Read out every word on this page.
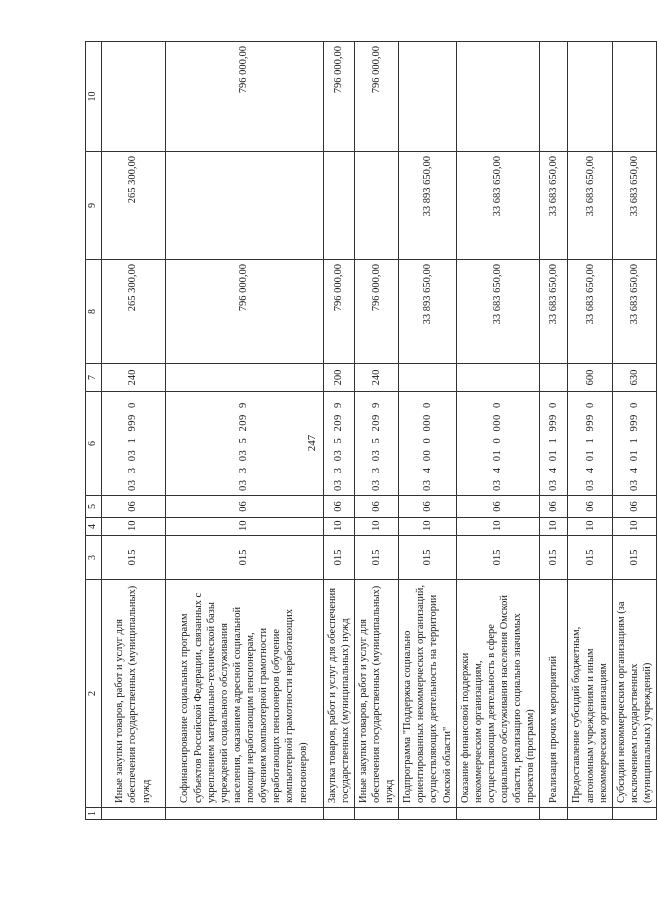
247
1	2	3	4	5	6	7	8	9	10
	Иные закупки товаров, работ и услуг для обеспечения государственных (муниципальных) нужд	015	10	06	03  3  03  1  999  0	240	265 300,00	265 300,00	
	Софинансирование социальных программ субъектов Российской Федерации, связанных с укреплением материально-технической базы учреждений социального обслуживания населения, оказанием адресной социальной помощи неработающим пенсионерам, обучением компьютерной грамотности неработающих пенсионеров (обучение компьютерной грамотности неработающих пенсионеров)	015	10	06	03  3  03  5  209  9		796 000,00		796 000,00
	Закупка товаров, работ и услуг для обеспечения государственных (муниципальных) нужд	015	10	06	03  3  03  5  209  9	200	796 000,00		796 000,00
	Иные закупки товаров, работ и услуг для обеспечения государственных (муниципальных) нужд	015	10	06	03  3  03  5  209  9	240	796 000,00		796 000,00
	Подпрограмма "Поддержка социально ориентированных некоммерческих организаций, осуществляющих деятельность на территории Омской области"	015	10	06	03  4  00  0  000  0		33 893 650,00	33 893 650,00	
	Оказание финансовой поддержки некоммерческим организациям, осуществляющим деятельность в сфере социального обслуживания населения Омской области, реализацию социально значимых проектов (программ)	015	10	06	03  4  01  0  000  0		33 683 650,00	33 683 650,00	
	Реализация прочих мероприятий	015	10	06	03  4  01  1  999  0		33 683 650,00	33 683 650,00	
	Предоставление субсидий бюджетным, автономным учреждениям и иным некоммерческим организациям	015	10	06	03  4  01  1  999  0	600	33 683 650,00	33 683 650,00	
	Субсидии некоммерческим организациям (за исключением государственных (муниципальных) учреждений)	015	10	06	03  4  01  1  999  0	630	33 683 650,00	33 683 650,00	
